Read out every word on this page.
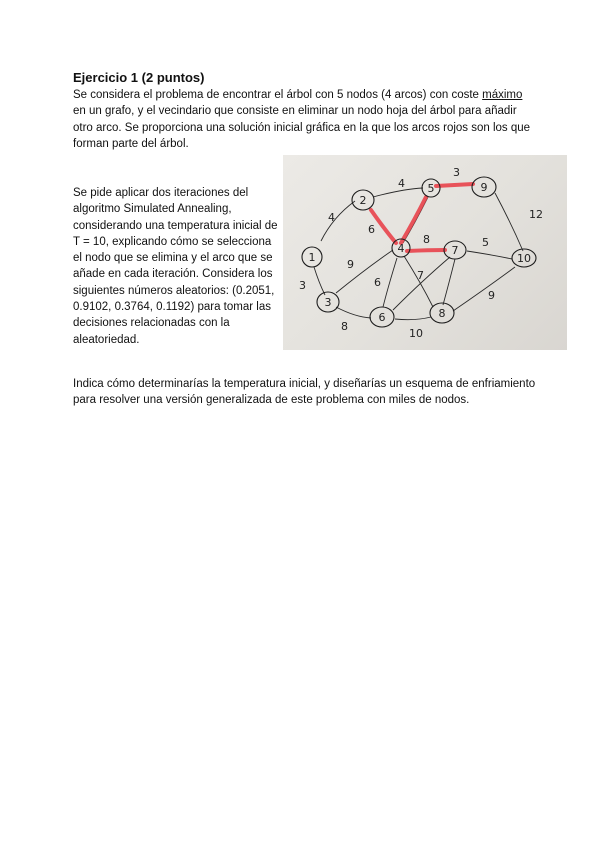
Ejercicio 1 (2 puntos)

Se considera el problema de encontrar el árbol con 5 nodos (4 arcos) con coste máximo en un grafo, y el vecindario que consiste en eliminar un nodo hoja del árbol para añadir otro arco. Se proporciona una solución inicial gráfica en la que los arcos rojos son los que forman parte del árbol.

Se pide aplicar dos iteraciones del algoritmo Simulated Annealing, considerando una temperatura inicial de T = 10, explicando cómo se selecciona el nodo que se elimina y el arco que se añade en cada iteración. Considera los siguientes números aleatorios: (0.2051, 0.9102, 0.3764, 0.1192) para tomar las decisiones relacionadas con la aleatoriedad.

1
2
3
4
5
6
7
8
9
10
4
4
3
6
8	5
12
3
9
6
7
8
9
10

Indica cómo determinarías la temperatura inicial, y diseñarías un esquema de enfriamiento para resolver una versión generalizada de este problema con miles de nodos.
